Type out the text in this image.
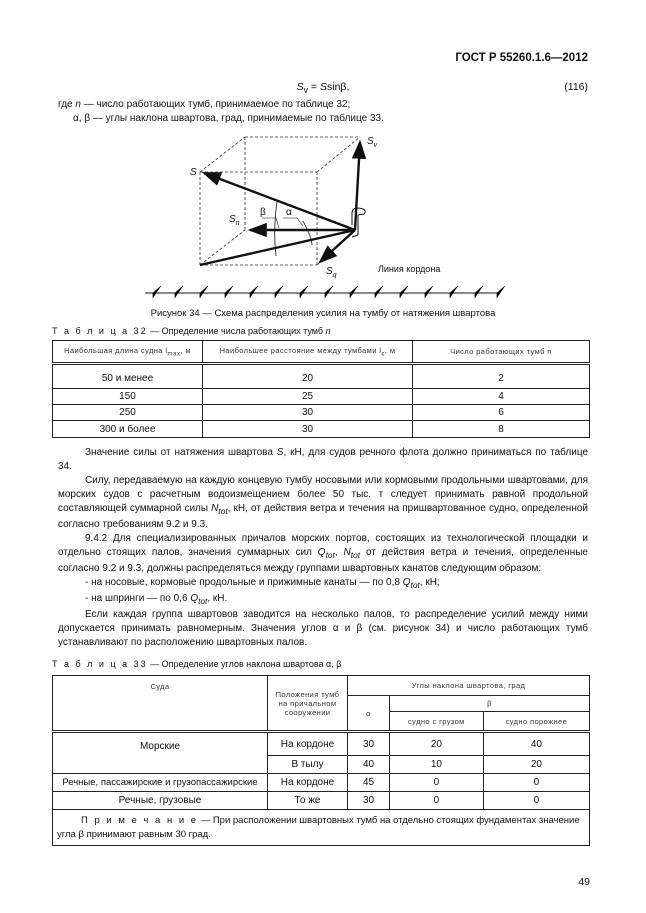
ГОСТ Р 55260.1.6—2012
$S_v = Ssin\beta$,	(116)
где n — число работающих тумб, принимаемое по таблице 32;
α, β — углы наклона швартова, град, принимаемые по таблице 33.
S
$S_v$
$S_n$
$S_q$
β α
Линия кордона
Рисунок 34 — Схема распределения усилия на тумбу от натяжения швартова
Т а б л и ц а 32 — Определение числа работающих тумб n
Наибольшая длина судна $l_{max}$, м	Наибольшее расстояние между тумбами $l_c$, м	Число работающих тумб n

50 и менее	20	2
150	25	4
250	30	6
300 и более	30	8

Значение силы от натяжения швартова S, кН, для судов речного флота должно приниматься по таблице 34.

Силу, передаваемую на каждую концевую тумбу носовыми или кормовыми продольными швартовами, для морских судов с расчетным водоизмещением более 50 тыс. т следует принимать равной продольной составляющей суммарной силы $N_{tot}$, кН, от действия ветра и течения на пришвартованное судно, определенной согласно требованиям 9.2 и 9.3.

9.4.2 Для специализированных причалов морских портов, состоящих из технологической площадки и отдельно стоящих палов, значения суммарных сил $Q_{tot}$, $N_{tot}$ от действия ветра и течения, определенные согласно 9.2 и 9.3, должны распределяться между группами швартовных канатов следующим образом:

- на носовые, кормовые продольные и прижимные канаты — по 0,8 $Q_{tot}$, кН;

- на шпринги — по 0,6 $Q_{tot}$, кН.

Если каждая группа швартовов заводится на несколько палов, то распределение усилий между ними допускается принимать равномерным. Значения углов α и β (см. рисунок 34) и число работающих тумб устанавливают по расположению швартовных палов.

Т а б л и ц а 33 — Определение углов наклона швартова α, β
Суда	Положения тумб на причальном сооружении	Углы наклона швартова, град		
		α	β	
			судно с грузом	судно порожнее
Морские	На кордоне	30	20	40
	В тылу	40	10	20
Речные, пассажирские и грузопассажирские	На кордоне	45	0	0
Речные, грузовые	То же	30	0	0
П р и м е ч а н и е — При расположении швартовных тумб на отдельно стоящих фундаментах значение угла β принимают равным 30 град.				
49
